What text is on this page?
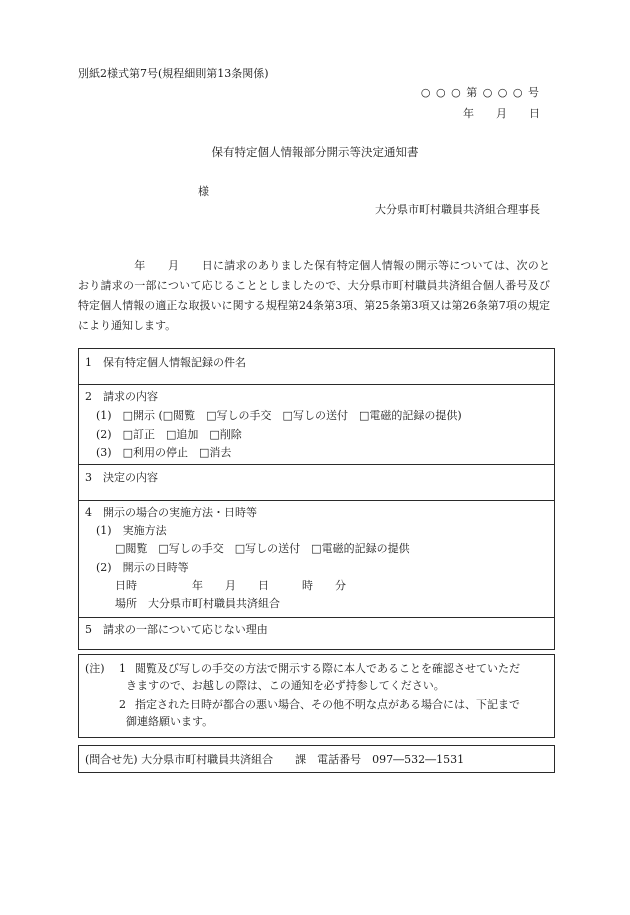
別紙2様式第7号(規程細則第13条関係)
○ ○ ○ 第 ○ ○ ○ 号
年　　月　　日
保有特定個人情報部分開示等決定通知書
様
大分県市町村職員共済組合理事長
　　　　　年　　月　　日に請求のありました保有特定個人情報の開示等については、次のとおり請求の一部について応じることとしましたので、大分県市町村職員共済組合個人番号及び特定個人情報の適正な取扱いに関する規程第24条第3項、第25条第3項又は第26条第7項の規定により通知します。
1　保有特定個人情報記録の件名
2　請求の内容
(1)　□開示 (□閲覧　□写しの手交　□写しの送付　□電磁的記録の提供)
(2)　□訂正　□追加　□削除
(3)　□利用の停止　□消去
3　決定の内容
4　開示の場合の実施方法・日時等
(1)　実施方法
□閲覧　□写しの手交　□写しの送付　□電磁的記録の提供
(2)　開示の日時等
日時　　　　　年　　月　　日　　　時　　分
場所　大分県市町村職員共済組合
5　請求の一部について応じない理由
(注) 1 閲覧及び写しの手交の方法で開示する際に本人であることを確認させていただ
きますので、お越しの際は、この通知を必ず持参してください。
2 指定された日時が都合の悪い場合、その他不明な点がある場合には、下記まで
御連絡願います。
(問合せ先) 大分県市町村職員共済組合　　課　電話番号　097―532―1531
